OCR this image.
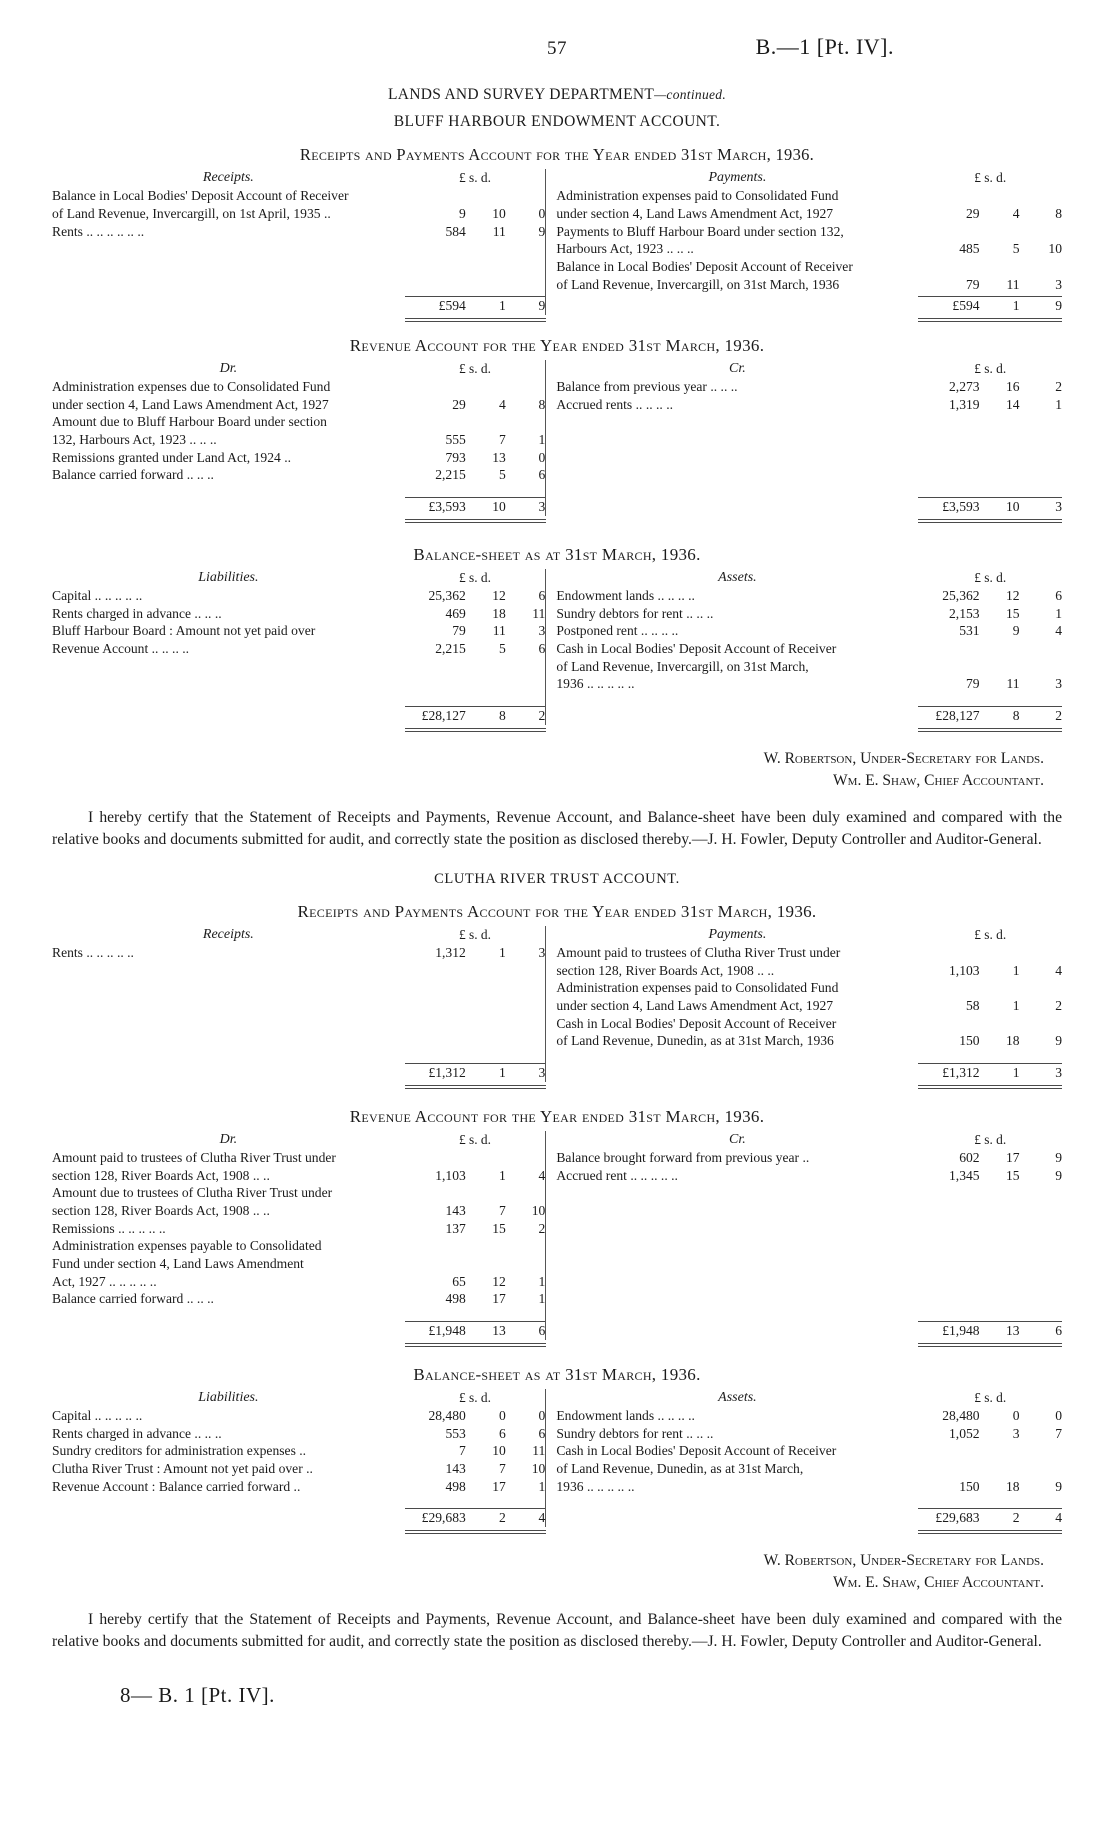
57	B.—1 [Pt. IV].
LANDS AND SURVEY DEPARTMENT—continued.
BLUFF HARBOUR ENDOWMENT ACCOUNT.
Receipts and Payments Account for the Year ended 31st March, 1936.
Receipts.	£ s. d.				Payments.	£ s. d.		
Balance in Local Bodies' Deposit Account of Receiver					Administration expenses paid to Consolidated Fund			
of Land Revenue, Invercargill, on 1st April, 1935 ..	9	10	0		under section 4, Land Laws Amendment Act, 1927	29	4	8
Rents .. .. .. .. .. ..	584	11	9		Payments to Bluff Harbour Board under section 132,			
					Harbours Act, 1923 .. .. ..	485	5	10
					Balance in Local Bodies' Deposit Account of Receiver			
					of Land Revenue, Invercargill, on 31st March, 1936	79	11	3

	£594	1	9			£594	1	9

Revenue Account for the Year ended 31st March, 1936.
Dr.	£ s. d.				Cr.	£ s. d.		
Administration expenses due to Consolidated Fund					Balance from previous year .. .. ..	2,273	16	2
under section 4, Land Laws Amendment Act, 1927	29	4	8		Accrued rents .. .. .. ..	1,319	14	1
Amount due to Bluff Harbour Board under section								
132, Harbours Act, 1923 .. .. ..	555	7	1					
Remissions granted under Land Act, 1924 ..	793	13	0					
Balance carried forward .. .. ..	2,215	5	6					

	£3,593	10	3			£3,593	10	3

Balance-sheet as at 31st March, 1936.
Liabilities.	£ s. d.				Assets.	£ s. d.		
Capital .. .. .. .. ..	25,362	12	6		Endowment lands .. .. .. ..	25,362	12	6
Rents charged in advance .. .. ..	469	18	11		Sundry debtors for rent .. .. ..	2,153	15	1
Bluff Harbour Board : Amount not yet paid over	79	11	3		Postponed rent .. .. .. ..	531	9	4
Revenue Account .. .. .. ..	2,215	5	6		Cash in Local Bodies' Deposit Account of Receiver			
					of Land Revenue, Invercargill, on 31st March,			
					1936 .. .. .. .. ..	79	11	3

	£28,127	8	2			£28,127	8	2

W. Robertson, Under-Secretary for Lands.
Wm. E. Shaw, Chief Accountant.
I hereby certify that the Statement of Receipts and Payments, Revenue Account, and Balance-sheet have been duly examined and compared with the relative books and documents submitted for audit, and correctly state the position as disclosed thereby.—J. H. Fowler, Deputy Controller and Auditor-General.
CLUTHA RIVER TRUST ACCOUNT.
Receipts and Payments Account for the Year ended 31st March, 1936.
Receipts.	£ s. d.				Payments.	£ s. d.		
Rents .. .. .. .. ..	1,312	1	3		Amount paid to trustees of Clutha River Trust under			
					section 128, River Boards Act, 1908 .. ..	1,103	1	4
					Administration expenses paid to Consolidated Fund			
					under section 4, Land Laws Amendment Act, 1927	58	1	2
					Cash in Local Bodies' Deposit Account of Receiver			
					of Land Revenue, Dunedin, as at 31st March, 1936	150	18	9

	£1,312	1	3			£1,312	1	3

Revenue Account for the Year ended 31st March, 1936.
Dr.	£ s. d.				Cr.	£ s. d.		
Amount paid to trustees of Clutha River Trust under					Balance brought forward from previous year ..	602	17	9
section 128, River Boards Act, 1908 .. ..	1,103	1	4		Accrued rent .. .. .. .. ..	1,345	15	9
Amount due to trustees of Clutha River Trust under								
section 128, River Boards Act, 1908 .. ..	143	7	10					
Remissions .. .. .. .. ..	137	15	2					
Administration expenses payable to Consolidated								
Fund under section 4, Land Laws Amendment								
Act, 1927 .. .. .. .. ..	65	12	1					
Balance carried forward .. .. ..	498	17	1					

	£1,948	13	6			£1,948	13	6

Balance-sheet as at 31st March, 1936.
Liabilities.	£ s. d.				Assets.	£ s. d.		
Capital .. .. .. .. ..	28,480	0	0		Endowment lands .. .. .. ..	28,480	0	0
Rents charged in advance .. .. ..	553	6	6		Sundry debtors for rent .. .. ..	1,052	3	7
Sundry creditors for administration expenses ..	7	10	11		Cash in Local Bodies' Deposit Account of Receiver			
Clutha River Trust : Amount not yet paid over ..	143	7	10		of Land Revenue, Dunedin, as at 31st March,			
Revenue Account : Balance carried forward ..	498	17	1		1936 .. .. .. .. ..	150	18	9

	£29,683	2	4			£29,683	2	4

W. Robertson, Under-Secretary for Lands.
Wm. E. Shaw, Chief Accountant.
I hereby certify that the Statement of Receipts and Payments, Revenue Account, and Balance-sheet have been duly examined and compared with the relative books and documents submitted for audit, and correctly state the position as disclosed thereby.—J. H. Fowler, Deputy Controller and Auditor-General.
8— B. 1 [Pt. IV].
